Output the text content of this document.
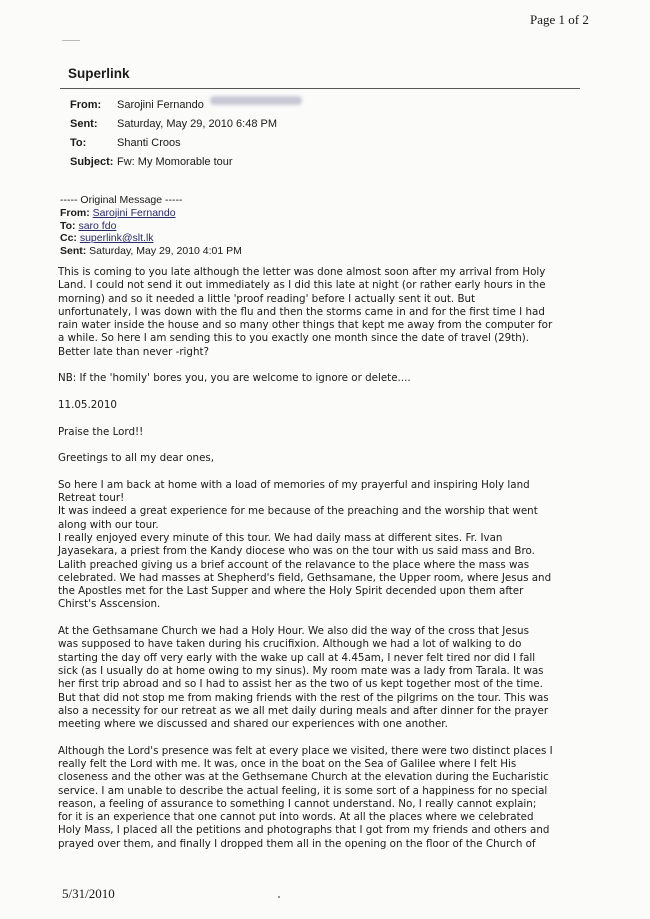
Page 1 of 2
Superlink
From:	Sarojini Fernando
Sent:	Saturday, May 29, 2010 6:48 PM
To:	Shanti Croos
Subject: Fw: My Momorable tour
----- Original Message -----
From: Sarojini Fernando
To: saro fdo
Cc: superlink@slt.lk
Sent: Saturday, May 29, 2010 4:01 PM

This is coming to you late although the letter was done almost soon after my arrival from Holy
Land. I could not send it out immediately as I did this late at night (or rather early hours in the
morning) and so it needed a little 'proof reading' before I actually sent it out. But
unfortunately, I was down with the flu and then the storms came in and for the first time I had
rain water inside the house and so many other things that kept me away from the computer for
a while. So here I am sending this to you exactly one month since the date of travel (29th).
Better late than never -right?

NB: If the 'homily' bores you, you are welcome to ignore or delete....

11.05.2010

Praise the Lord!!

Greetings to all my dear ones,

So here I am back at home with a load of memories of my prayerful and inspiring Holy land
Retreat tour!
It was indeed a great experience for me because of the preaching and the worship that went
along with our tour.
I really enjoyed every minute of this tour. We had daily mass at different sites. Fr. Ivan
Jayasekara, a priest from the Kandy diocese who was on the tour with us said mass and Bro.
Lalith preached giving us a brief account of the relavance to the place where the mass was
celebrated. We had masses at Shepherd's field, Gethsamane, the Upper room, where Jesus and
the Apostles met for the Last Supper and where the Holy Spirit decended upon them after
Chirst's Asscension.

At the Gethsamane Church we had a Holy Hour. We also did the way of the cross that Jesus
was supposed to have taken during his crucifixion. Although we had a lot of walking to do
starting the day off very early with the wake up call at 4.45am, I never felt tired nor did I fall
sick (as I usually do at home owing to my sinus). My room mate was a lady from Tarala. It was
her first trip abroad and so I had to assist her as the two of us kept together most of the time.
But that did not stop me from making friends with the rest of the pilgrims on the tour. This was
also a necessity for our retreat as we all met daily during meals and after dinner for the prayer
meeting where we discussed and shared our experiences with one another.

Although the Lord's presence was felt at every place we visited, there were two distinct places I
really felt the Lord with me. It was, once in the boat on the Sea of Galilee where I felt His
closeness and the other was at the Gethsemane Church at the elevation during the Eucharistic
service. I am unable to describe the actual feeling, it is some sort of a happiness for no special
reason, a feeling of assurance to something I cannot understand. No, I really cannot explain;
for it is an experience that one cannot put into words. At all the places where we celebrated
Holy Mass, I placed all the petitions and photographs that I got from my friends and others and
prayed over them, and finally I dropped them all in the opening on the floor of the Church of

5/31/2010
